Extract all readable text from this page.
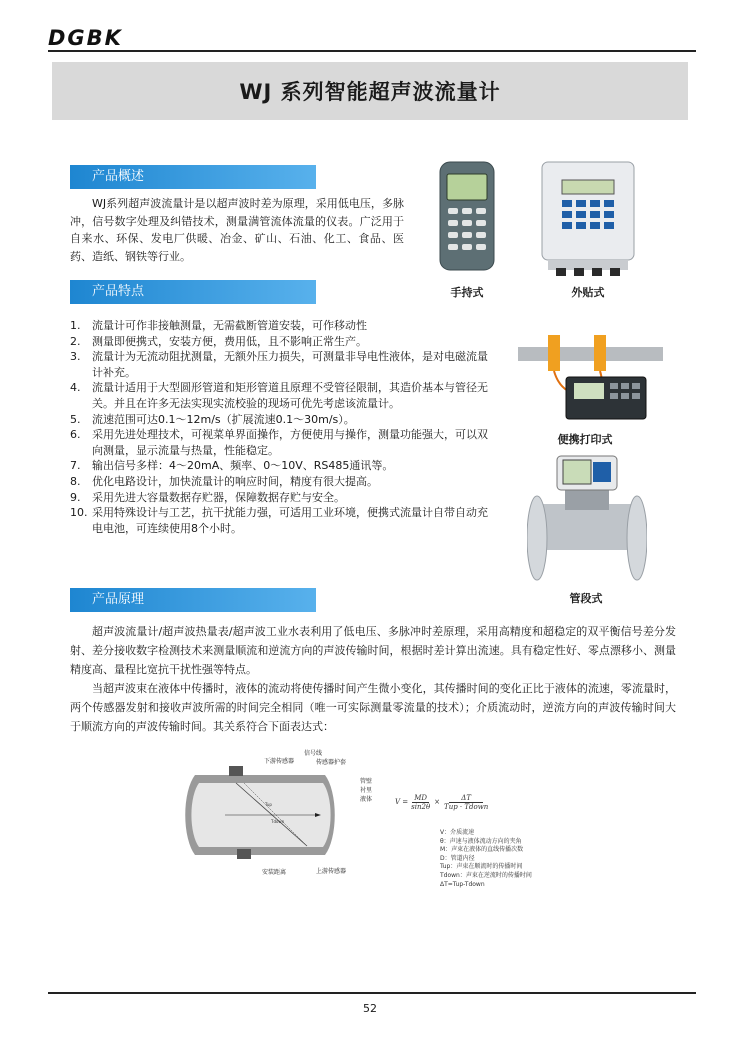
DGBK
WJ 系列智能超声波流量计
产品概述

WJ系列超声波流量计是以超声波时差为原理，采用低电压，多脉冲，信号数字处理及纠错技术，测量满管流体流量的仪表。广泛用于自来水、环保、发电厂供暖、冶金、矿山、石油、化工、食品、医药、造纸、钢铁等行业。

产品特点
1. 流量计可作非接触测量，无需截断管道安装，可作移动性
2. 测量即便携式，安装方便，费用低，且不影响正常生产。
3. 流量计为无流动阻扰测量，无额外压力损失，可测量非导电性液体，是对电磁流量计补充。
4. 流量计适用于大型圆形管道和矩形管道且原理不受管径限制，其造价基本与管径无关。并且在许多无法实现实流校验的现场可优先考虑该流量计。
5. 流速范围可达0.1～12m/s（扩展流速0.1～30m/s）。
6. 采用先进处理技术，可视菜单界面操作，方便使用与操作，测量功能强大，可以双向测量，显示流量与热量，性能稳定。
7. 输出信号多样：4～20mA、频率、0～10V、RS485通讯等。
8. 优化电路设计，加快流量计的响应时间，精度有很大提高。
9. 采用先进大容量数据存贮器，保障数据存贮与安全。
10. 采用特殊设计与工艺，抗干扰能力强，可适用工业环境，便携式流量计自带自动充电电池，可连续使用8个小时。
手持式	外贴式
便携打印式
管段式
产品原理

超声波流量计/超声波热量表/超声波工业水表利用了低电压、多脉冲时差原理，采用高精度和超稳定的双平衡信号差分发射、差分接收数字检测技术来测量顺流和逆流方向的声波传输时间，根据时差计算出流速。具有稳定性好、零点漂移小、测量精度高、量程比宽抗干扰性强等特点。

当超声波束在液体中传播时，液体的流动将使传播时间产生微小变化，其传播时间的变化正比于液体的流速，零流量时，两个传感器发射和接收声波所需的时间完全相同（唯一可实际测量零流量的技术）；介质流动时，逆流方向的声波传输时间大于顺流方向的声波传输时间。其关系符合下面表达式：

Tup
Tdown
下游传感器
信号线
传感器护套
管壁
衬里
液体
安装距离	上游传感器
$V = \frac{MD}{\sin 2\theta}$ ×
ΔT
Tup · Tdown
V：介质流速
θ：声速与液体流动方向的夹角
M：声束在液体的直线传播次数
D：管道内径
Tup：声束在顺流时的传播时间
Tdown：声束在逆流时的传播时间
ΔT=Tup-Tdown
52
